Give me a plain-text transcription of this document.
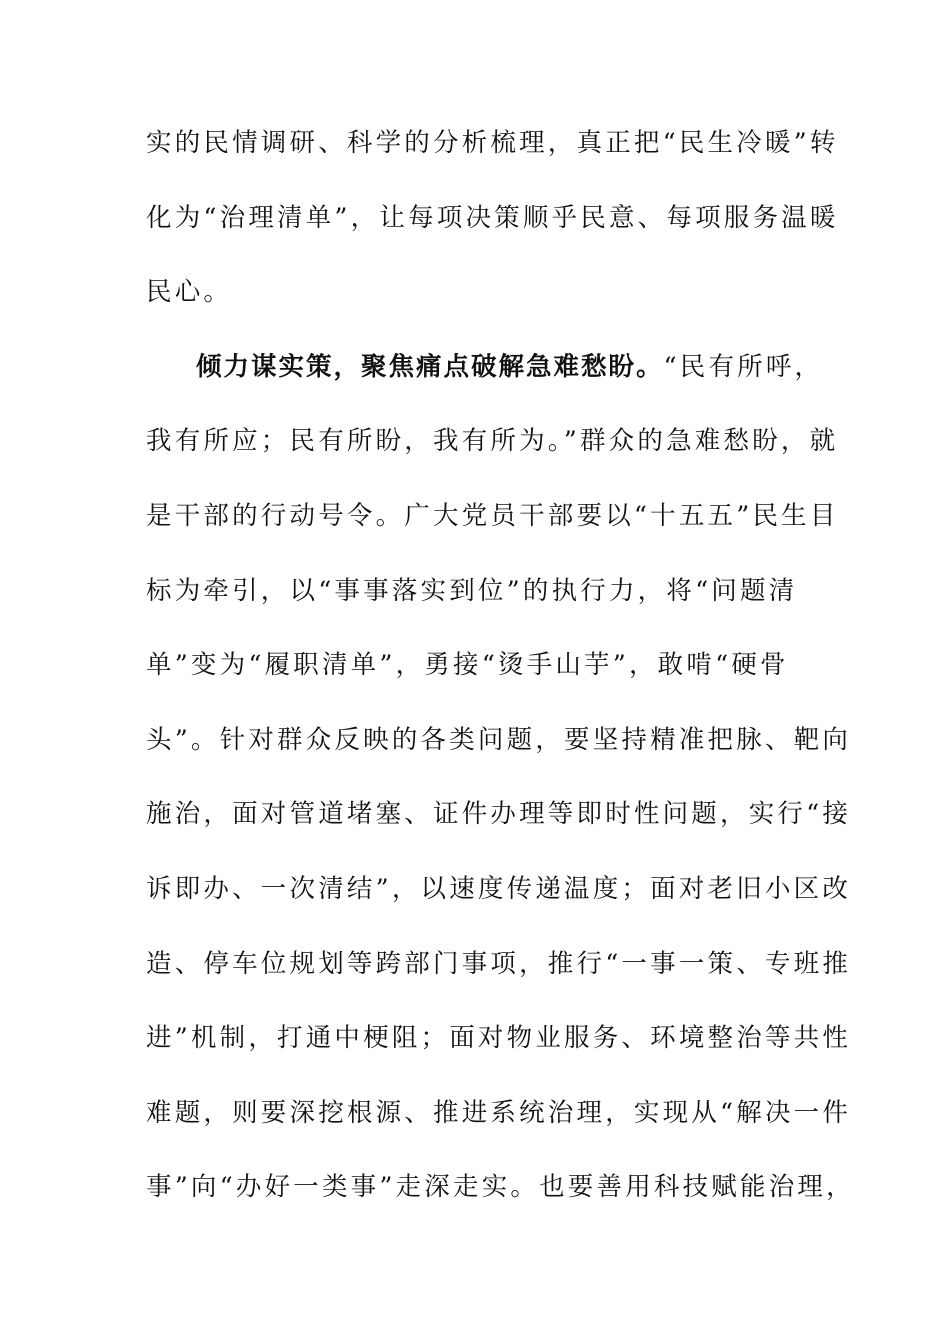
实的民情调研、科学的分析梳理，真正把“民生冷暖”转
化为“治理清单”，让每项决策顺乎民意、每项服务温暖
民心。
倾力谋实策，聚焦痛点破解急难愁盼。“民有所呼，
我有所应；民有所盼，我有所为。”群众的急难愁盼，就
是干部的行动号令。广大党员干部要以“十五五”民生目
标为牵引，以“事事落实到位”的执行力，将“问题清
单”变为“履职清单”，勇接“烫手山芋”，敢啃“硬骨
头”。针对群众反映的各类问题，要坚持精准把脉、靶向
施治，面对管道堵塞、证件办理等即时性问题，实行“接
诉即办、一次清结”，以速度传递温度；面对老旧小区改
造、停车位规划等跨部门事项，推行“一事一策、专班推
进”机制，打通中梗阻；面对物业服务、环境整治等共性
难题，则要深挖根源、推进系统治理，实现从“解决一件
事”向“办好一类事”走深走实。也要善用科技赋能治理，
